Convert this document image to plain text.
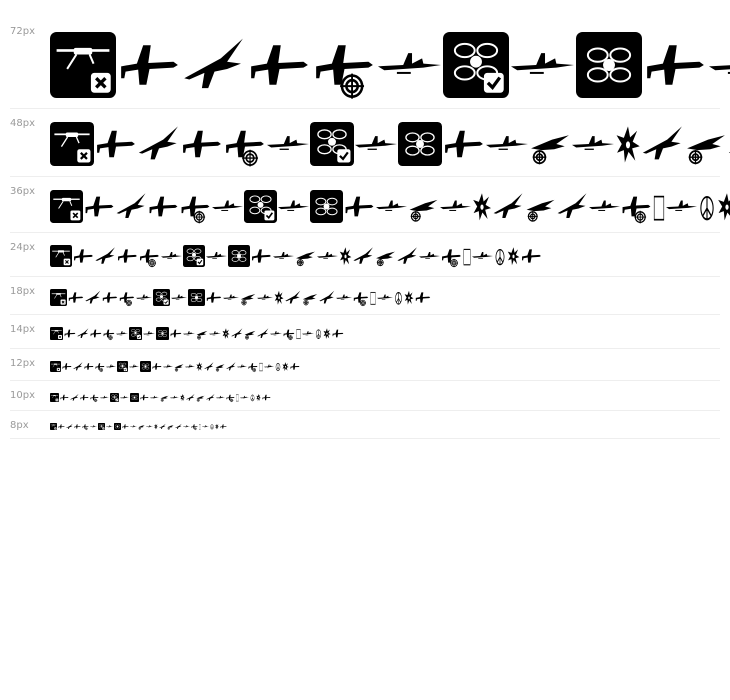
72px
48px
36px
24px
18px
14px
12px
10px
8px
